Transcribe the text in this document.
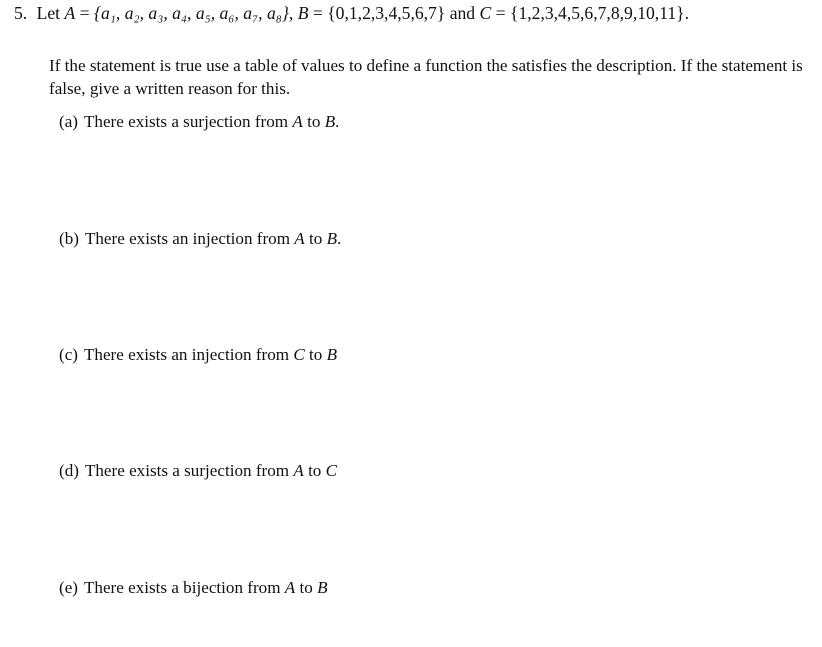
5. Let A = {a₁, a₂, a₃, a₄, a₅, a₆, a₇, a₈}, B = {0,1,2,3,4,5,6,7} and C = {1,2,3,4,5,6,7,8,9,10,11}.
If the statement is true use a table of values to define a function the satisfies the description. If the statement is false, give a written reason for this.
(a) There exists a surjection from A to B.
(b) There exists an injection from A to B.
(c) There exists an injection from C to B
(d) There exists a surjection from A to C
(e) There exists a bijection from A to B
